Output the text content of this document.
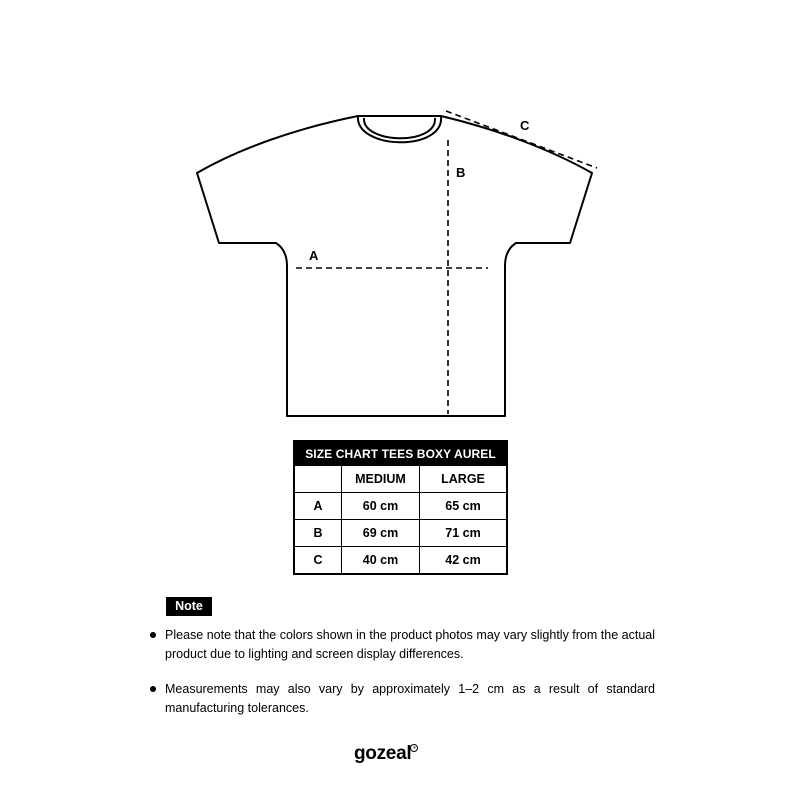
A
B
C
SIZE CHART TEES BOXY AUREL
	MEDIUM	LARGE
A	60 cm	65 cm
B	69 cm	71 cm
C	40 cm	42 cm
Note
Please note that the colors shown in the product photos may vary slightly from the actual product due to lighting and screen display differences.
Measurements may also vary by approximately 1–2 cm as a result of standard manufacturing tolerances.
gozeal ®
